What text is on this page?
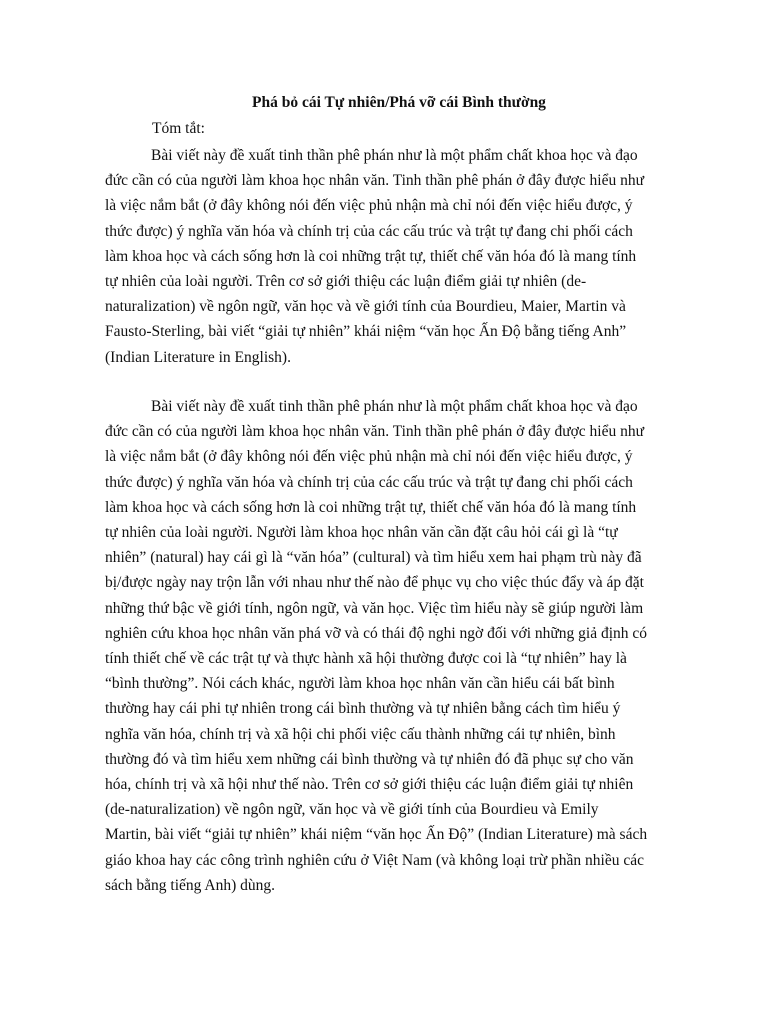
Phá bỏ cái Tự nhiên/Phá vỡ cái Bình thường

Tóm tắt:

Bài viết này đề xuất tinh thần phê phán như là một phẩm chất khoa học và đạo
đức cần có của người làm khoa học nhân văn. Tinh thần phê phán ở đây được hiểu như
là việc nắm bắt (ở đây không nói đến việc phủ nhận mà chỉ nói đến việc hiểu được, ý
thức được) ý nghĩa văn hóa và chính trị của các cấu trúc và trật tự đang chi phối cách
làm khoa học và cách sống hơn là coi những trật tự, thiết chế văn hóa đó là mang tính
tự nhiên của loài người. Trên cơ sở giới thiệu các luận điểm giải tự nhiên (de-
naturalization) về ngôn ngữ, văn học và về giới tính của Bourdieu, Maier, Martin và
Fausto-Sterling, bài viết “giải tự nhiên” khái niệm “văn học Ấn Độ bằng tiếng Anh”
(Indian Literature in English).

Bài viết này đề xuất tinh thần phê phán như là một phẩm chất khoa học và đạo
đức cần có của người làm khoa học nhân văn. Tinh thần phê phán ở đây được hiểu như
là việc nắm bắt (ở đây không nói đến việc phủ nhận mà chỉ nói đến việc hiểu được, ý
thức được) ý nghĩa văn hóa và chính trị của các cấu trúc và trật tự đang chi phối cách
làm khoa học và cách sống hơn là coi những trật tự, thiết chế văn hóa đó là mang tính
tự nhiên của loài người. Người làm khoa học nhân văn cần đặt câu hỏi cái gì là “tự
nhiên” (natural) hay cái gì là “văn hóa” (cultural) và tìm hiểu xem hai phạm trù này đã
bị/được ngày nay trộn lẫn với nhau như thế nào để phục vụ cho việc thúc đẩy và áp đặt
những thứ bậc về giới tính, ngôn ngữ, và văn học. Việc tìm hiểu này sẽ giúp người làm
nghiên cứu khoa học nhân văn phá vỡ và có thái độ nghi ngờ đối với những giả định có
tính thiết chế về các trật tự và thực hành xã hội thường được coi là “tự nhiên” hay là
“bình thường”. Nói cách khác, người làm khoa học nhân văn cần hiểu cái bất bình
thường hay cái phi tự nhiên trong cái bình thường và tự nhiên bằng cách tìm hiểu ý
nghĩa văn hóa, chính trị và xã hội chi phối việc cấu thành những cái tự nhiên, bình
thường đó và tìm hiểu xem những cái bình thường và tự nhiên đó đã phục sự cho văn
hóa, chính trị và xã hội như thế nào. Trên cơ sở giới thiệu các luận điểm giải tự nhiên
(de-naturalization) về ngôn ngữ, văn học và về giới tính của Bourdieu và Emily
Martin, bài viết “giải tự nhiên” khái niệm “văn học Ấn Độ” (Indian Literature) mà sách
giáo khoa hay các công trình nghiên cứu ở Việt Nam (và không loại trừ phần nhiều các
sách bằng tiếng Anh) dùng.
